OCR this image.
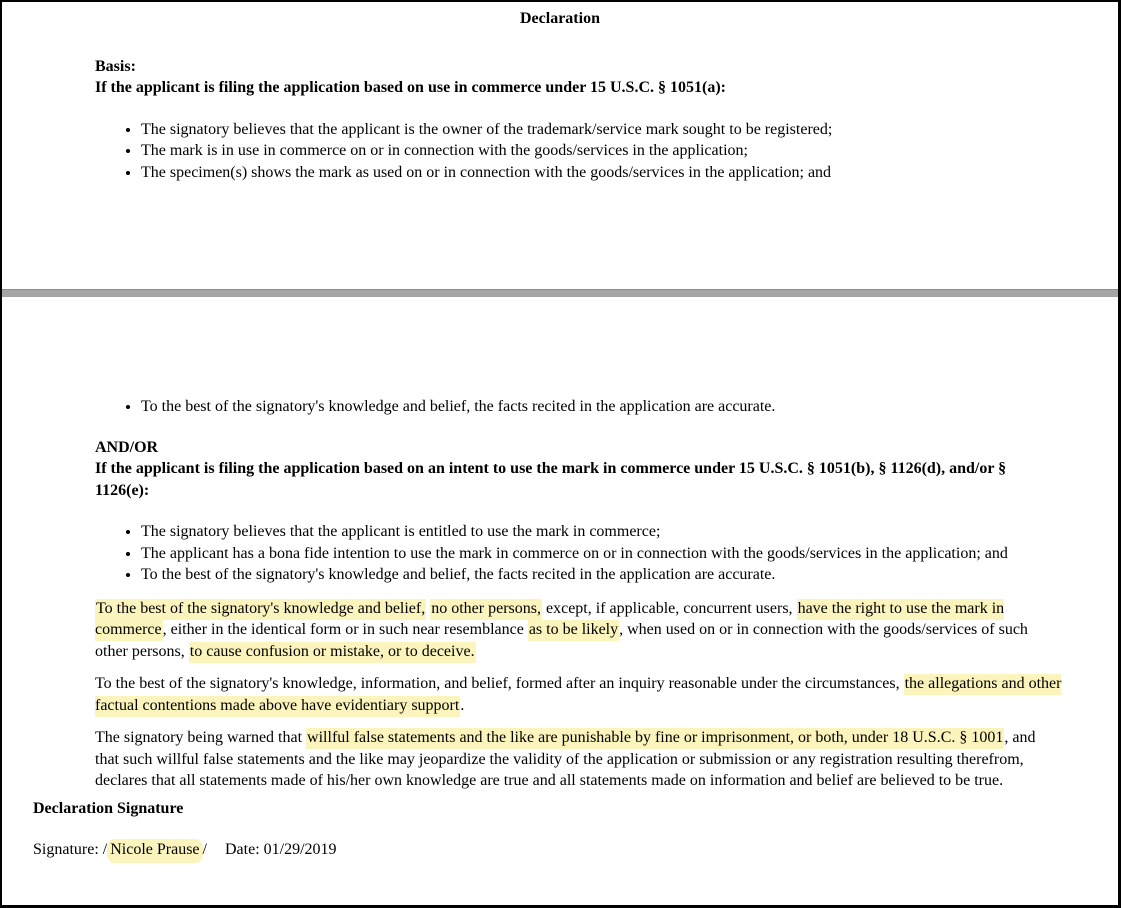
Declaration
Basis:
If the applicant is filing the application based on use in commerce under 15 U.S.C. § 1051(a):
• The signatory believes that the applicant is the owner of the trademark/service mark sought to be registered;
• The mark is in use in commerce on or in connection with the goods/services in the application;
• The specimen(s) shows the mark as used on or in connection with the goods/services in the application; and
• To the best of the signatory's knowledge and belief, the facts recited in the application are accurate.
AND/OR
If the applicant is filing the application based on an intent to use the mark in commerce under 15 U.S.C. § 1051(b), § 1126(d), and/or § 1126(e):
• The signatory believes that the applicant is entitled to use the mark in commerce;
• The applicant has a bona fide intention to use the mark in commerce on or in connection with the goods/services in the application; and
• To the best of the signatory's knowledge and belief, the facts recited in the application are accurate.

To the best of the signatory's knowledge and belief, no other persons, except, if applicable, concurrent users, have the right to use the mark in commerce, either in the identical form or in such near resemblance as to be likely, when used on or in connection with the goods/services of such other persons, to cause confusion or mistake, or to deceive.

To the best of the signatory's knowledge, information, and belief, formed after an inquiry reasonable under the circumstances, the allegations and other factual contentions made above have evidentiary support.

The signatory being warned that willful false statements and the like are punishable by fine or imprisonment, or both, under 18 U.S.C. § 1001, and that such willful false statements and the like may jeopardize the validity of the application or submission or any registration resulting therefrom, declares that all statements made of his/her own knowledge are true and all statements made on information and belief are believed to be true.

Declaration Signature
Signature: / Nicole Prause / Date: 01/29/2019
